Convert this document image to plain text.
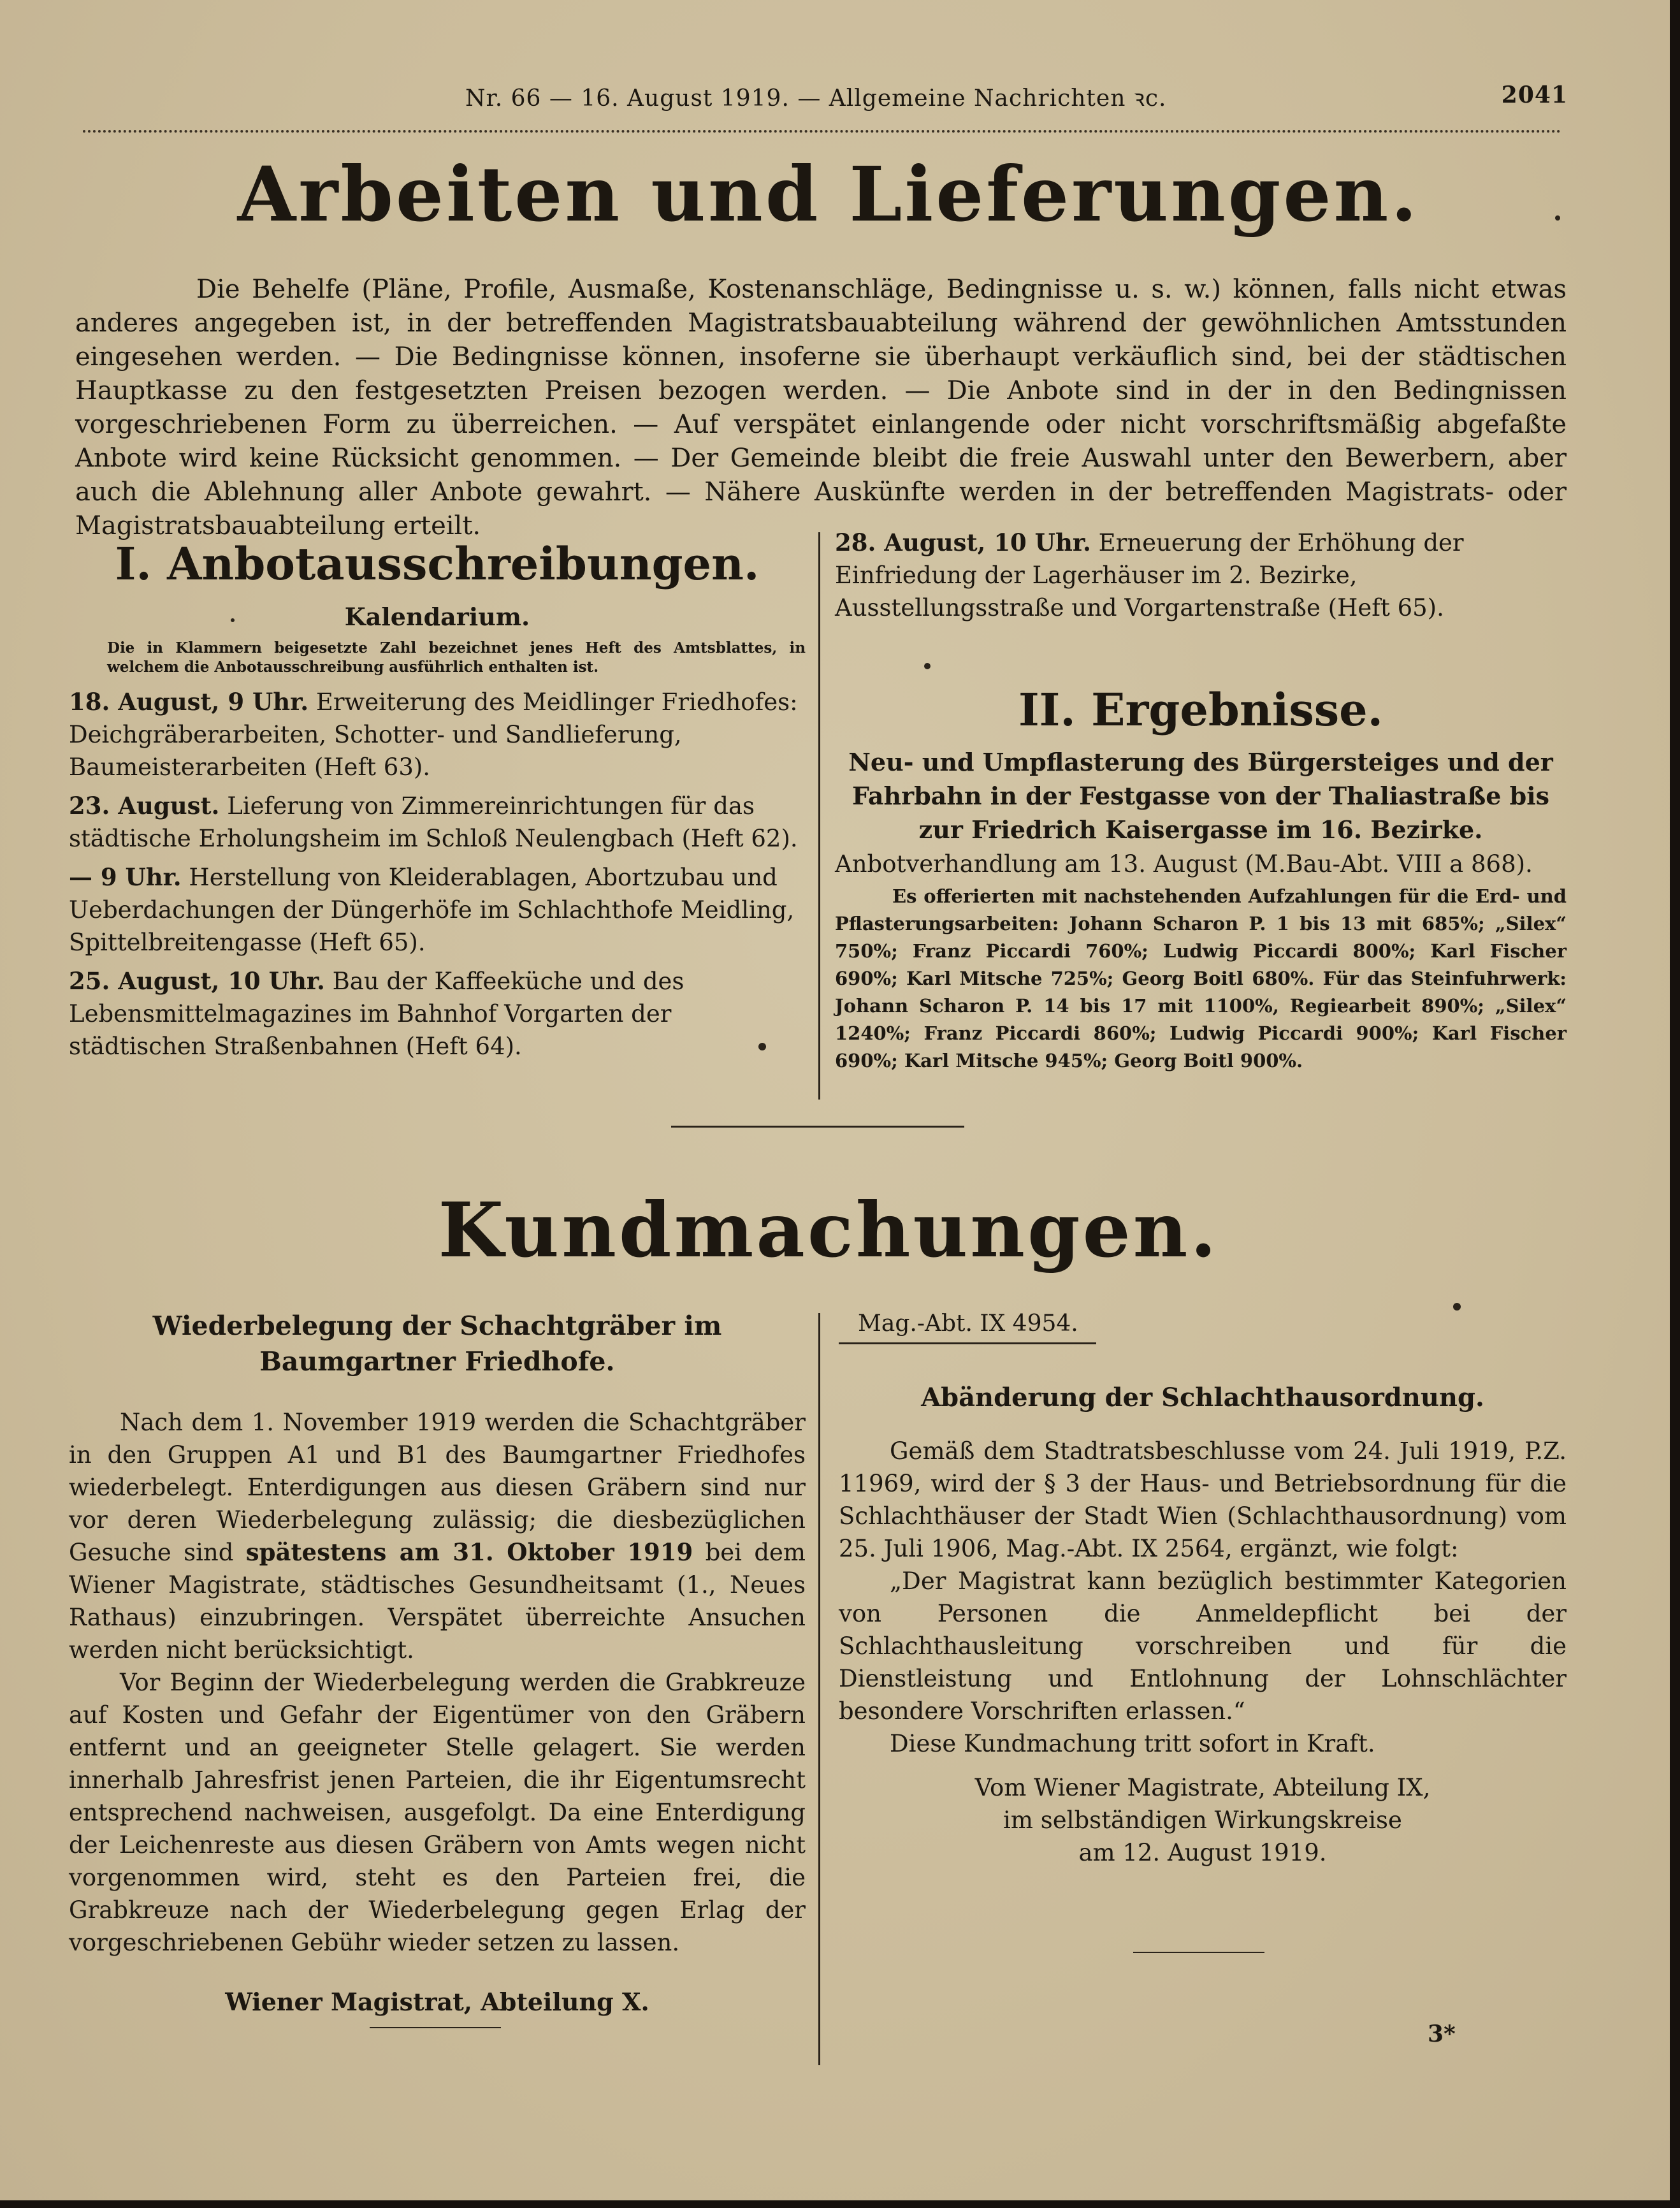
Nr. 66 — 16. August 1919. — Allgemeine Nachrichten ꝛc.	2041
Arbeiten und Lieferungen.

Die Behelfe (Pläne, Profile, Ausmaße, Kostenanschläge, Bedingnisse u. s. w.) können, falls nicht etwas anderes angegeben ist, in der betreffenden Magistratsbauabteilung während der gewöhnlichen Amtsstunden eingesehen werden. — Die Bedingnisse können, insoferne sie überhaupt verkäuflich sind, bei der städtischen Hauptkasse zu den festgesetzten Preisen bezogen werden. — Die Anbote sind in der in den Bedingnissen vorgeschriebenen Form zu überreichen. — Auf verspätet einlangende oder nicht vorschriftsmäßig abgefaßte Anbote wird keine Rücksicht genommen. — Der Gemeinde bleibt die freie Auswahl unter den Bewerbern, aber auch die Ablehnung aller Anbote gewahrt. — Nähere Auskünfte werden in der betreffenden Magistrats- oder Magistratsbauabteilung erteilt.

I. Anbotausschreibungen.
Kalendarium.
Die in Klammern beigesetzte Zahl bezeichnet jenes Heft des Amtsblattes, in welchem die Anbotausschreibung ausführlich enthalten ist.
18. August, 9 Uhr. Erweiterung des Meidlinger Friedhofes: Deichgräberarbeiten, Schotter- und Sandlieferung, Baumeisterarbeiten (Heft 63).
23. August. Lieferung von Zimmereinrichtungen für das städtische Erholungsheim im Schloß Neulengbach (Heft 62).
— 9 Uhr. Herstellung von Kleiderablagen, Abortzubau und Ueberdachungen der Düngerhöfe im Schlachthofe Meidling, Spittelbreitengasse (Heft 65).
25. August, 10 Uhr. Bau der Kaffeeküche und des Lebensmittelmagazines im Bahnhof Vorgarten der städtischen Straßenbahnen (Heft 64).
28. August, 10 Uhr. Erneuerung der Erhöhung der Einfriedung der Lagerhäuser im 2. Bezirke, Ausstellungsstraße und Vorgartenstraße (Heft 65).
II. Ergebnisse.
Neu- und Umpflasterung des Bürgersteiges und der Fahrbahn in der Festgasse von der Thaliastraße bis zur Friedrich Kaisergasse im 16. Bezirke.
Anbotverhandlung am 13. August (M.Bau-Abt. VIII a 868).
Es offerierten mit nachstehenden Aufzahlungen für die Erd- und Pflasterungsarbeiten: Johann Scharon P. 1 bis 13 mit 685%; „Silex“ 750%; Franz Piccardi 760%; Ludwig Piccardi 800%; Karl Fischer 690%; Karl Mitsche 725%; Georg Boitl 680%. Für das Steinfuhrwerk: Johann Scharon P. 14 bis 17 mit 1100%, Regiearbeit 890%; „Silex“ 1240%; Franz Piccardi 860%; Ludwig Piccardi 900%; Karl Fischer 690%; Karl Mitsche 945%; Georg Boitl 900%.
Kundmachungen.
Wiederbelegung der Schachtgräber im Baumgartner Friedhofe.
Nach dem 1. November 1919 werden die Schachtgräber in den Gruppen A1 und B1 des Baumgartner Friedhofes wiederbelegt. Enterdigungen aus diesen Gräbern sind nur vor deren Wiederbelegung zulässig; die diesbezüglichen Gesuche sind spätestens am 31. Oktober 1919 bei dem Wiener Magistrate, städtisches Gesundheitsamt (1., Neues Rathaus) einzubringen. Verspätet überreichte Ansuchen werden nicht berücksichtigt.
Vor Beginn der Wiederbelegung werden die Grabkreuze auf Kosten und Gefahr der Eigentümer von den Gräbern entfernt und an geeigneter Stelle gelagert. Sie werden innerhalb Jahresfrist jenen Parteien, die ihr Eigentumsrecht entsprechend nachweisen, ausgefolgt. Da eine Enterdigung der Leichenreste aus diesen Gräbern von Amts wegen nicht vorgenommen wird, steht es den Parteien frei, die Grabkreuze nach der Wiederbelegung gegen Erlag der vorgeschriebenen Gebühr wieder setzen zu lassen.
Wiener Magistrat, Abteilung X.
Mag.-Abt. IX 4954.
Abänderung der Schlachthausordnung.
Gemäß dem Stadtratsbeschlusse vom 24. Juli 1919, P.Z. 11969, wird der § 3 der Haus- und Betriebsordnung für die Schlachthäuser der Stadt Wien (Schlachthausordnung) vom 25. Juli 1906, Mag.-Abt. IX 2564, ergänzt, wie folgt:
„Der Magistrat kann bezüglich bestimmter Kategorien von Personen die Anmeldepflicht bei der Schlachthausleitung vorschreiben und für die Dienstleistung und Entlohnung der Lohnschlächter besondere Vorschriften erlassen.“
Diese Kundmachung tritt sofort in Kraft.
Vom Wiener Magistrate, Abteilung IX,
im selbständigen Wirkungskreise
am 12. August 1919.
3*
